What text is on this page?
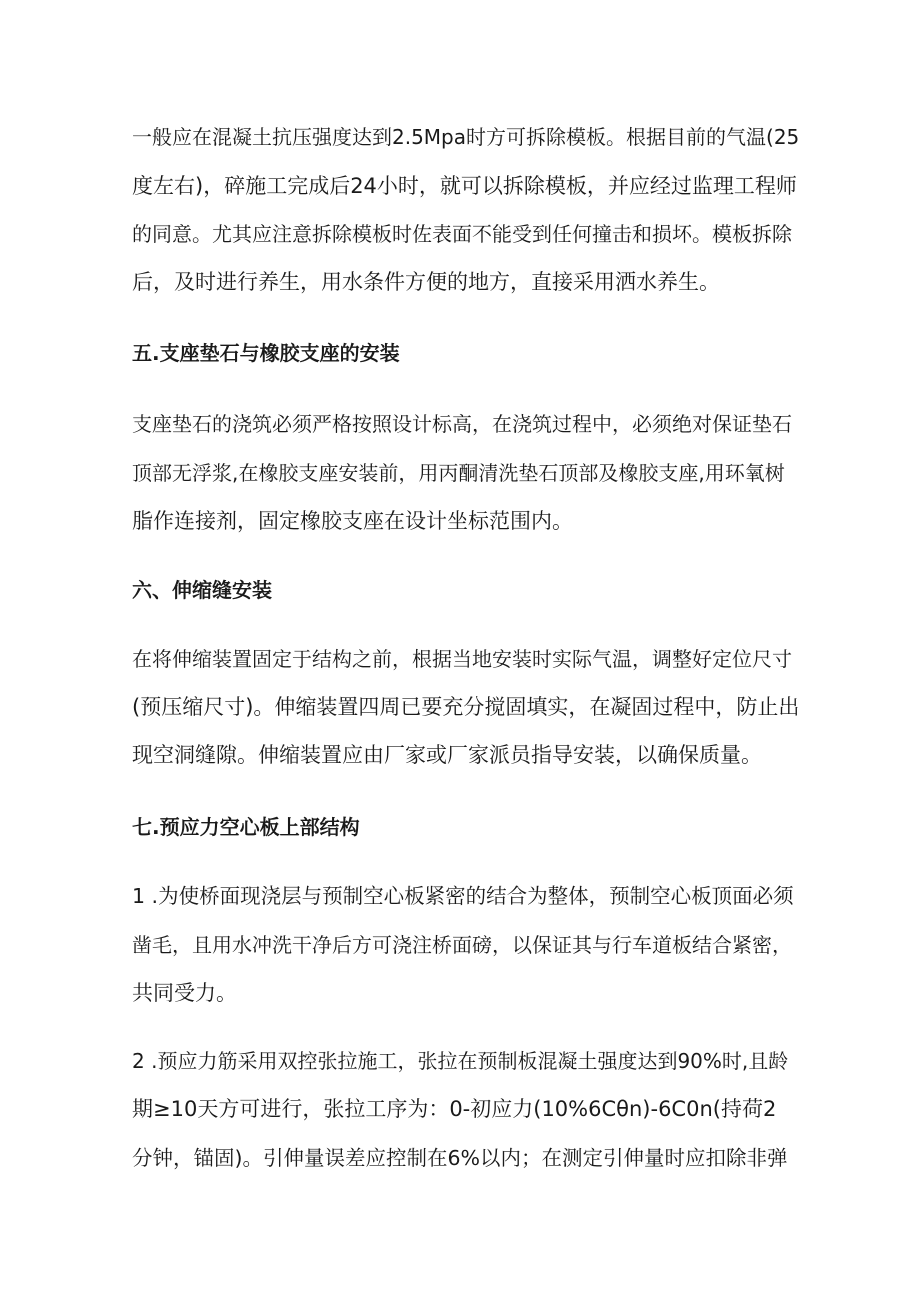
一般应在混凝土抗压强度达到2.5Mpa时方可拆除模板。根据目前的气温(25
度左右)，碎施工完成后24小时，就可以拆除模板，并应经过监理工程师
的同意。尤其应注意拆除模板时佐表面不能受到任何撞击和损坏。模板拆除
后，及时进行养生，用水条件方便的地方，直接采用洒水养生。
五.支座垫石与橡胶支座的安装
支座垫石的浇筑必须严格按照设计标高，在浇筑过程中，必须绝对保证垫石
顶部无浮浆,在橡胶支座安装前，用丙酮清洗垫石顶部及橡胶支座,用环氧树
脂作连接剂，固定橡胶支座在设计坐标范围内。
六、伸缩缝安装
在将伸缩装置固定于结构之前，根据当地安装时实际气温，调整好定位尺寸
(预压缩尺寸)。伸缩装置四周已要充分搅固填实，在凝固过程中，防止出
现空洞缝隙。伸缩装置应由厂家或厂家派员指导安装，以确保质量。
七.预应力空心板上部结构
1 .为使桥面现浇层与预制空心板紧密的结合为整体，预制空心板顶面必须
凿毛，且用水冲洗干净后方可浇注桥面磅，以保证其与行车道板结合紧密，
共同受力。
2 .预应力筋采用双控张拉施工，张拉在预制板混凝土强度达到90%时,且龄
期≥10天方可进行，张拉工序为：0-初应力(10%6Cθn)-6C0n(持荷2
分钟，锚固)。引伸量误差应控制在6%以内；在测定引伸量时应扣除非弹
